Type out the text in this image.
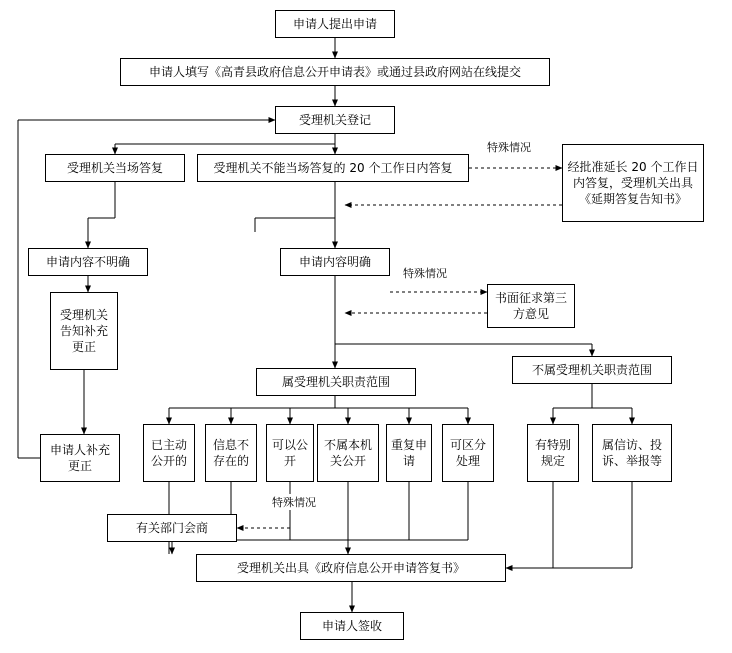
申请人提出申请
申请人填写《高青县政府信息公开申请表》或通过县政府网站在线提交
受理机关登记
受理机关当场答复	受理机关不能当场答复的 20 个工作日内答复	经批准延长 20 个工作日内答复，受理机关出具《延期答复告知书》
申请内容不明确	申请内容明确
书面征求第三方意见
受理机关告知补充更正
申请人补充更正
属受理机关职责范围
不属受理机关职责范围
已主动公开的
信息不存在的
可以公开
不属本机关公开
重复申请
可区分处理
有特别规定
属信访、投诉、举报等
有关部门会商
受理机关出具《政府信息公开申请答复书》
申请人签收
特殊情况
特殊情况
特殊情况
